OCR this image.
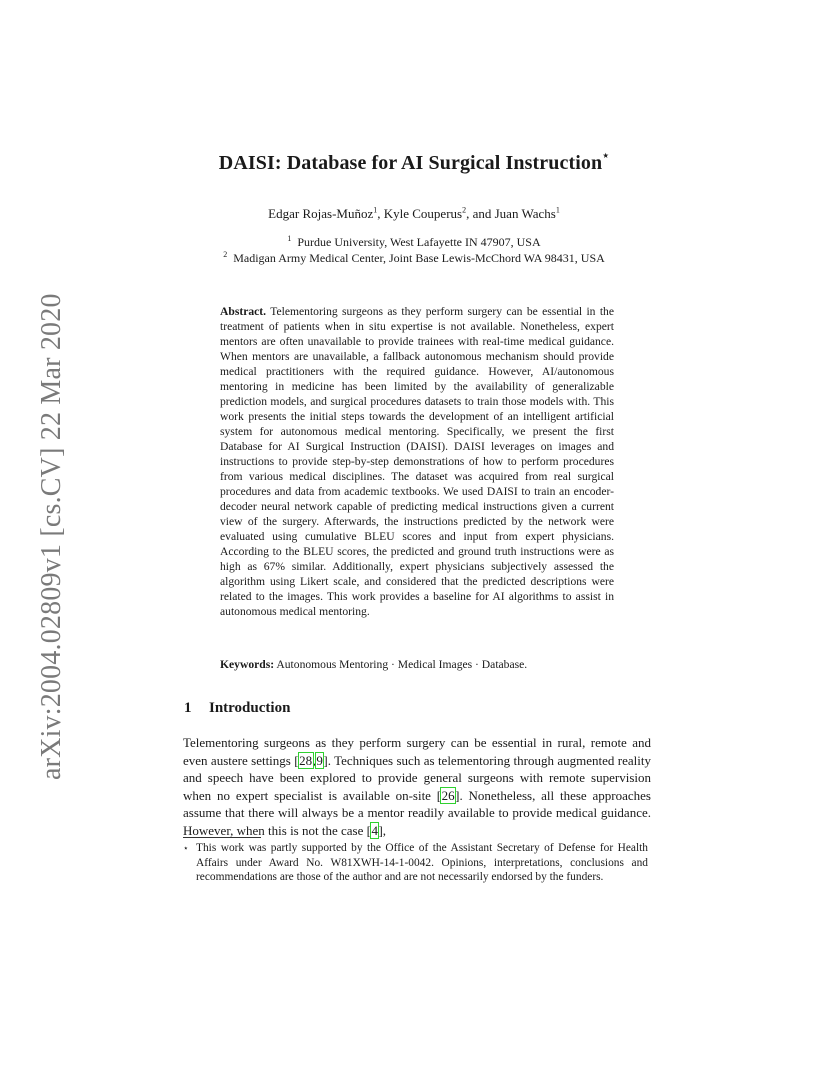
arXiv:2004.02809v1 [cs.CV] 22 Mar 2020
DAISI: Database for AI Surgical Instruction⋆
Edgar Rojas-Muñoz$^1$, Kyle Couperus$^2$, and Juan Wachs$^1$
$^1$ Purdue University, West Lafayette IN 47907, USA
$^2$ Madigan Army Medical Center, Joint Base Lewis-McChord WA 98431, USA
Abstract. Telementoring surgeons as they perform surgery can be essential in the treatment of patients when in situ expertise is not available. Nonetheless, expert mentors are often unavailable to provide trainees with real-time medical guidance. When mentors are unavailable, a fallback autonomous mechanism should provide medical practitioners with the required guidance. However, AI/autonomous mentoring in medicine has been limited by the availability of generalizable prediction models, and surgical procedures datasets to train those models with. This work presents the initial steps towards the development of an intelligent artificial system for autonomous medical mentoring. Specifically, we present the first Database for AI Surgical Instruction (DAISI). DAISI leverages on images and instructions to provide step-by-step demonstrations of how to perform procedures from various medical disciplines. The dataset was acquired from real surgical procedures and data from academic textbooks. We used DAISI to train an encoder-decoder neural network capable of predicting medical instructions given a current view of the surgery. Afterwards, the instructions predicted by the network were evaluated using cumulative BLEU scores and input from expert physicians. According to the BLEU scores, the predicted and ground truth instructions were as high as 67% similar. Additionally, expert physicians subjectively assessed the algorithm using Likert scale, and considered that the predicted descriptions were related to the images. This work provides a baseline for AI algorithms to assist in autonomous medical mentoring.
Keywords: Autonomous Mentoring · Medical Images · Database.
1 Introduction
Telementoring surgeons as they perform surgery can be essential in rural, remote and even austere settings [28,9]. Techniques such as telementoring through augmented reality and speech have been explored to provide general surgeons with remote supervision when no expert specialist is available on-site [26]. Nonetheless, all these approaches assume that there will always be a mentor readily available to provide medical guidance. However, when this is not the case [4],
⋆ This work was partly supported by the Office of the Assistant Secretary of Defense for Health Affairs under Award No. W81XWH-14-1-0042. Opinions, interpretations, conclusions and recommendations are those of the author and are not necessarily endorsed by the funders.
